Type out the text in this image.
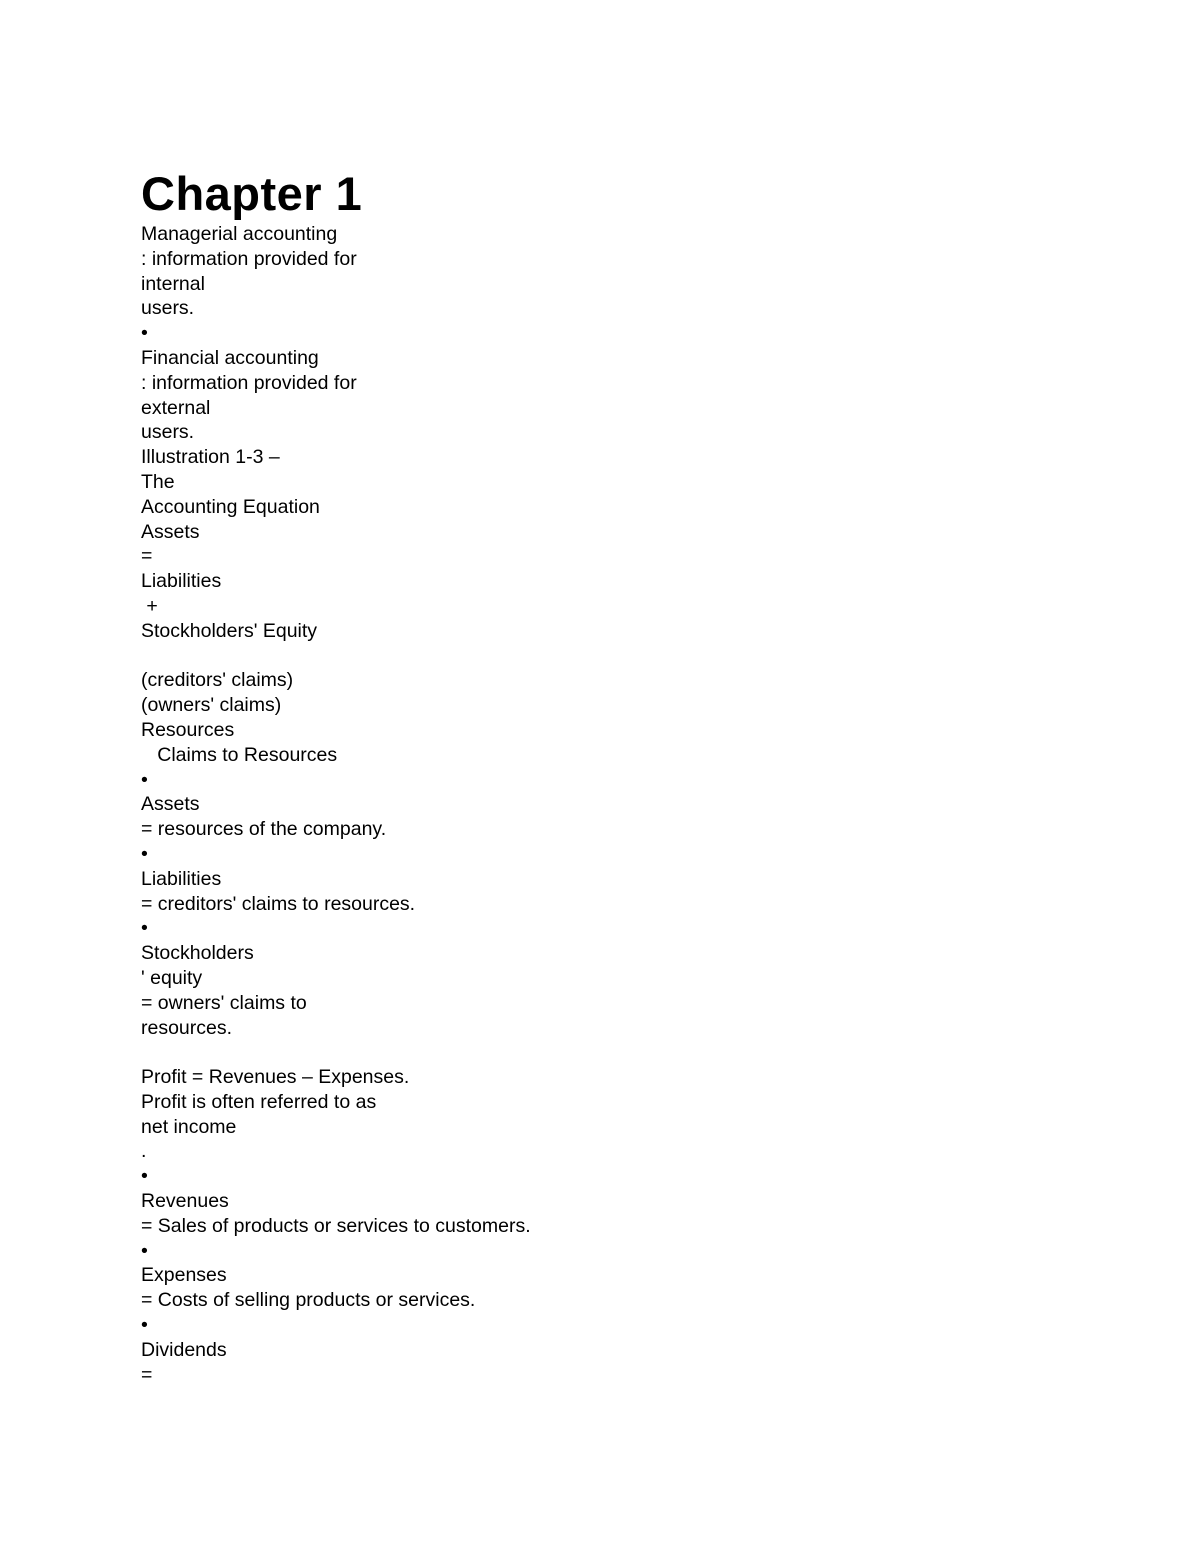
Chapter 1
Managerial accounting
: information provided for
internal
users.
•
Financial accounting
: information provided for
external
users.
Illustration 1-3 –
The
Accounting Equation
Assets
=
Liabilities
+
Stockholders' Equity
(creditors' claims)
(owners' claims)
Resources
Claims to Resources
•
Assets
= resources of the company.
•
Liabilities
= creditors' claims to resources.
•
Stockholders
' equity
= owners' claims to
resources.
Profit = Revenues – Expenses.
Profit is often referred to as
net income
.
•
Revenues
= Sales of products or services to customers.
•
Expenses
= Costs of selling products or services.
•
Dividends
=
